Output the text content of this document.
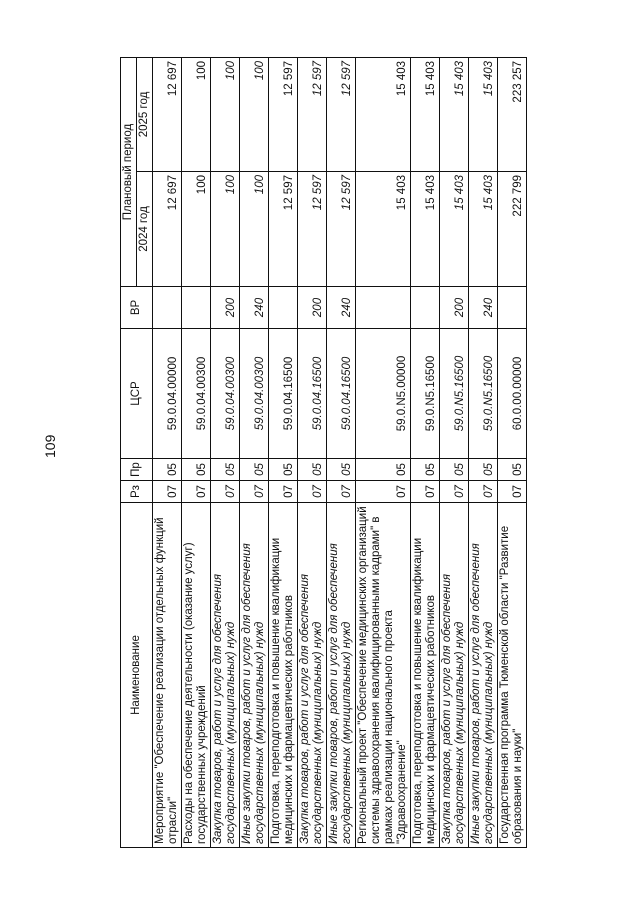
109
Наименование	Рз	Пр	ЦСР	ВР	Плановый период	
					2024 год	2025 год
Мероприятие "Обеспечение реализации отдельных функций отрасли"	07	05	59.0.04.00000		12 697	12 697
Расходы на обеспечение деятельности (оказание услуг) государственных учреждений	07	05	59.0.04.00300		100	100
Закупка товаров, работ и услуг для обеспечения государственных (муниципальных) нужд	07	05	59.0.04.00300	200	100	100
Иные закупки товаров, работ и услуг для обеспечения государственных (муниципальных) нужд	07	05	59.0.04.00300	240	100	100
Подготовка, переподготовка и повышение квалификации медицинских и фармацевтических работников	07	05	59.0.04.16500		12 597	12 597
Закупка товаров, работ и услуг для обеспечения государственных (муниципальных) нужд	07	05	59.0.04.16500	200	12 597	12 597
Иные закупки товаров, работ и услуг для обеспечения государственных (муниципальных) нужд	07	05	59.0.04.16500	240	12 597	12 597
Региональный проект "Обеспечение медицинских организаций системы здравоохранения квалифицированными кадрами" в рамках реализации национального проекта "Здравоохранение"	07	05	59.0.N5.00000		15 403	15 403
Подготовка, переподготовка и повышение квалификации медицинских и фармацевтических работников	07	05	59.0.N5.16500		15 403	15 403
Закупка товаров, работ и услуг для обеспечения государственных (муниципальных) нужд	07	05	59.0.N5.16500	200	15 403	15 403
Иные закупки товаров, работ и услуг для обеспечения государственных (муниципальных) нужд	07	05	59.0.N5.16500	240	15 403	15 403
Государственная программа Тюменской области "Развитие образования и науки"	07	05	60.0.00.00000		222 799	223 257
